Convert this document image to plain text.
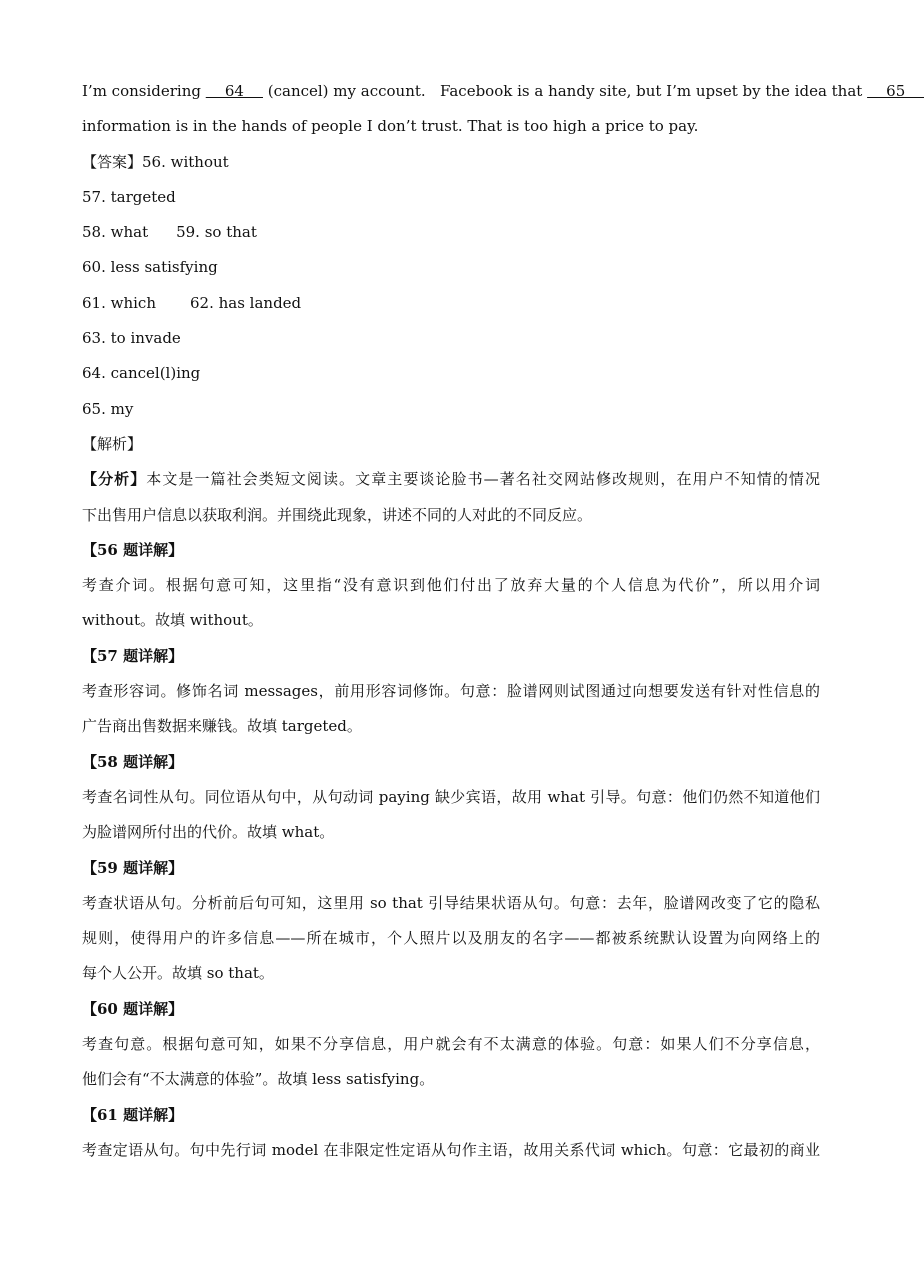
I’m considering     64     (cancel) my account.   Facebook is a handy site, but I’m upset by the idea that     65
information is in the hands of people I don’t trust. That is too high a price to pay.
【答案】56. without
57. targeted
58. what 59. so that
60. less satisfying
61. which 62. has landed
63. to invade
64. cancel(l)ing
65. my
【解析】
【分析】本文是一篇社会类短文阅读。文章主要谈论脸书—著名社交网站修改规则，在用户不知情的情况
下出售用户信息以获取利润。并围绕此现象，讲述不同的人对此的不同反应。
【56 题详解】
考查介词。根据句意可知，这里指“没有意识到他们付出了放弃大量的个人信息为代价”，所以用介词
without。故填 without。
【57 题详解】
考查形容词。修饰名词 messages，前用形容词修饰。句意：脸谱网则试图通过向想要发送有针对性信息的
广告商出售数据来赚钱。故填 targeted。
【58 题详解】
考查名词性从句。同位语从句中，从句动词 paying 缺少宾语，故用 what 引导。句意：他们仍然不知道他们
为脸谱网所付出的代价。故填 what。
【59 题详解】
考查状语从句。分析前后句可知，这里用 so that 引导结果状语从句。句意：去年，脸谱网改变了它的隐私
规则，使得用户的许多信息——所在城市，个人照片以及朋友的名字——都被系统默认设置为向网络上的
每个人公开。故填 so that。
【60 题详解】
考查句意。根据句意可知，如果不分享信息，用户就会有不太满意的体验。句意：如果人们不分享信息，
他们会有“不太满意的体验”。故填 less satisfying。
【61 题详解】
考查定语从句。句中先行词 model 在非限定性定语从句作主语，故用关系代词 which。句意：它最初的商业
